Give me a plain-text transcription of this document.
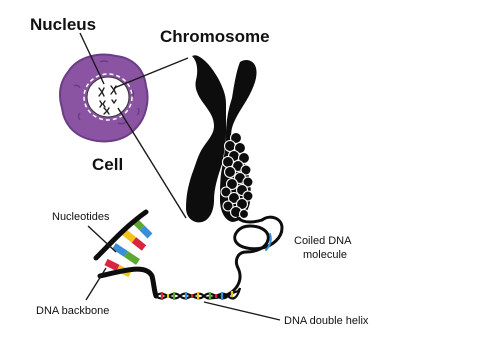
Nucleus
Chromosome
Cell
Nucleotides
DNA backbone
Coiled DNA
molecule
DNA double helix
